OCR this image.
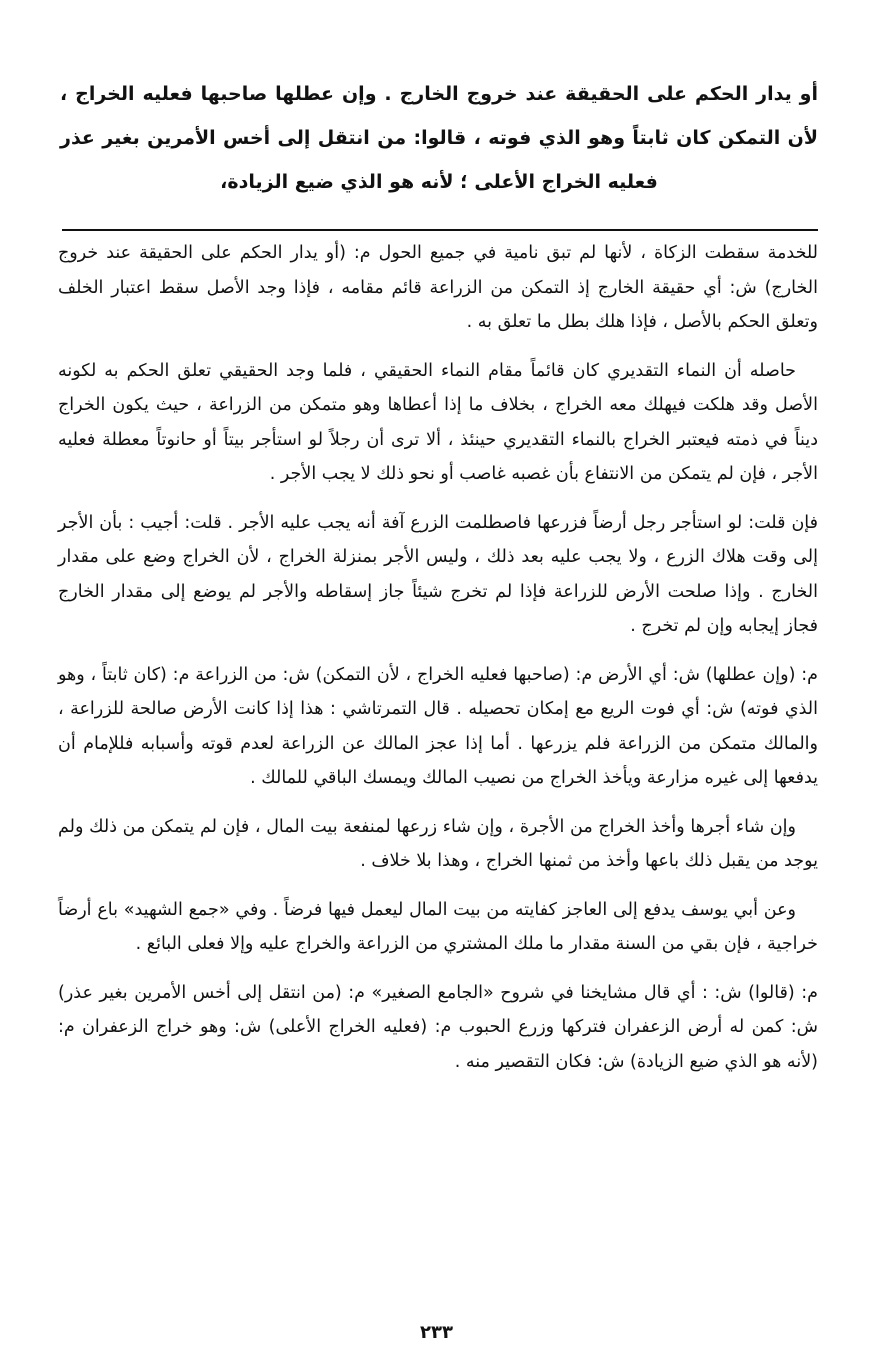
أو يدار الحكم على الحقيقة عند خروج الخارج . وإن عطلها صاحبها فعليه الخراج ، لأن التمكن كان ثابتاً وهو الذي فوته ، قالوا: من انتقل إلى أخس الأمرين بغير عذر فعليه الخراج الأعلى ؛ لأنه هو الذي ضيع الزيادة،

للخدمة سقطت الزكاة ، لأنها لم تبق نامية في جميع الحول م: (أو يدار الحكم على الحقيقة عند خروج الخارج) ش: أي حقيقة الخارج إذ التمكن من الزراعة قائم مقامه ، فإذا وجد الأصل سقط اعتبار الخلف وتعلق الحكم بالأصل ، فإذا هلك بطل ما تعلق به .

حاصله أن النماء التقديري كان قائماً مقام النماء الحقيقي ، فلما وجد الحقيقي تعلق الحكم به لكونه الأصل وقد هلكت فيهلك معه الخراج ، بخلاف ما إذا أعطاها وهو متمكن من الزراعة ، حيث يكون الخراج ديناً في ذمته فيعتبر الخراج بالنماء التقديري حينئذ ، ألا ترى أن رجلاً لو استأجر بيتاً أو حانوتاً معطلة فعليه الأجر ، فإن لم يتمكن من الانتفاع بأن غصبه غاصب أو نحو ذلك لا يجب الأجر .

فإن قلت: لو استأجر رجل أرضاً فزرعها فاصطلمت الزرع آفة أنه يجب عليه الأجر . قلت: أجيب : بأن الأجر إلى وقت هلاك الزرع ، ولا يجب عليه بعد ذلك ، وليس الأجر بمنزلة الخراج ، لأن الخراج وضع على مقدار الخارج . وإذا صلحت الأرض للزراعة فإذا لم تخرج شيئاً جاز إسقاطه والأجر لم يوضع إلى مقدار الخارج فجاز إيجابه وإن لم تخرج .

م: (وإن عطلها) ش: أي الأرض م: (صاحبها فعليه الخراج ، لأن التمكن) ش: من الزراعة م: (كان ثابتاً ، وهو الذي فوته) ش: أي فوت الريع مع إمكان تحصيله . قال التمرتاشي : هذا إذا كانت الأرض صالحة للزراعة ، والمالك متمكن من الزراعة فلم يزرعها . أما إذا عجز المالك عن الزراعة لعدم قوته وأسبابه فللإمام أن يدفعها إلى غيره مزارعة ويأخذ الخراج من نصيب المالك ويمسك الباقي للمالك .

وإن شاء أجرها وأخذ الخراج من الأجرة ، وإن شاء زرعها لمنفعة بيت المال ، فإن لم يتمكن من ذلك ولم يوجد من يقبل ذلك باعها وأخذ من ثمنها الخراج ، وهذا بلا خلاف .

وعن أبي يوسف يدفع إلى العاجز كفايته من بيت المال ليعمل فيها فرضاً . وفي «جمع الشهيد» باع أرضاً خراجية ، فإن بقي من السنة مقدار ما ملك المشتري من الزراعة والخراج عليه وإلا فعلى البائع .

م: (قالوا) ش: : أي قال مشايخنا في شروح «الجامع الصغير» م: (من انتقل إلى أخس الأمرين بغير عذر) ش: كمن له أرض الزعفران فتركها وزرع الحبوب م: (فعليه الخراج الأعلى) ش: وهو خراج الزعفران م: (لأنه هو الذي ضيع الزيادة) ش: فكان التقصير منه .

٢٣٣
